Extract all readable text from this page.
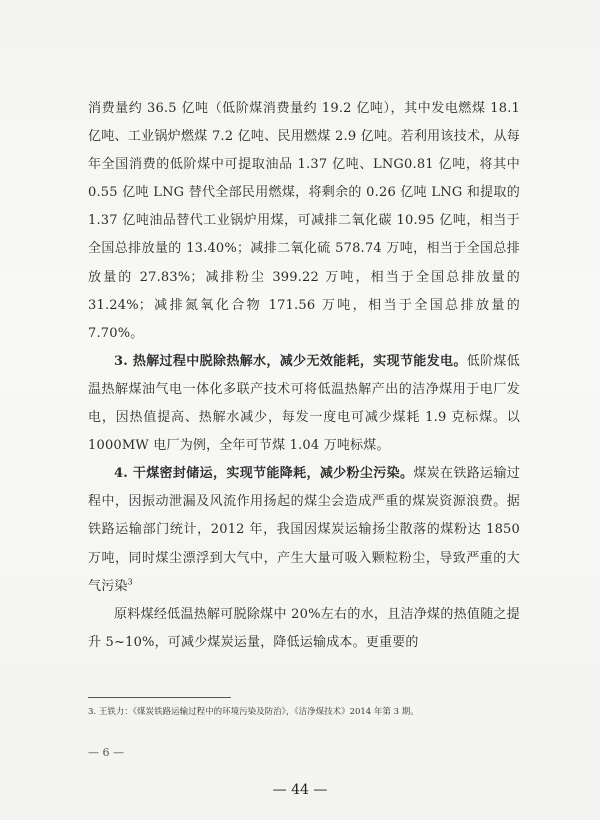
消费量约 36.5 亿吨（低阶煤消费量约 19.2 亿吨），其中发电燃煤 18.1 亿吨、工业锅炉燃煤 7.2 亿吨、民用燃煤 2.9 亿吨。若利用该技术，从每年全国消费的低阶煤中可提取油品 1.37 亿吨、LNG0.81 亿吨，将其中 0.55 亿吨 LNG 替代全部民用燃煤，将剩余的 0.26 亿吨 LNG 和提取的 1.37 亿吨油品替代工业锅炉用煤，可减排二氧化碳 10.95 亿吨，相当于全国总排放量的 13.40%；减排二氧化硫 578.74 万吨，相当于全国总排放量的 27.83%；减排粉尘 399.22 万吨，相当于全国总排放量的 31.24%；减排氮氧化合物 171.56 万吨，相当于全国总排放量的 7.70%。

3. 热解过程中脱除热解水，减少无效能耗，实现节能发电。低阶煤低温热解煤油气电一体化多联产技术可将低温热解产出的洁净煤用于电厂发电，因热值提高、热解水减少，每发一度电可减少煤耗 1.9 克标煤。以 1000MW 电厂为例，全年可节煤 1.04 万吨标煤。

4. 干煤密封储运，实现节能降耗，减少粉尘污染。煤炭在铁路运输过程中，因振动泄漏及风流作用扬起的煤尘会造成严重的煤炭资源浪费。据铁路运输部门统计，2012 年，我国因煤炭运输扬尘散落的煤粉达 1850 万吨，同时煤尘漂浮到大气中，产生大量可吸入颗粒粉尘，导致严重的大气污染$^3$

原料煤经低温热解可脱除煤中 20%左右的水，且洁净煤的热值随之提升 5~10%，可减少煤炭运量，降低运输成本。更重要的

3. 王铁力：《煤炭铁路运输过程中的环境污染及防治》，《洁净煤技术》2014 年第 3 期。
— 6 —
— 44 —
